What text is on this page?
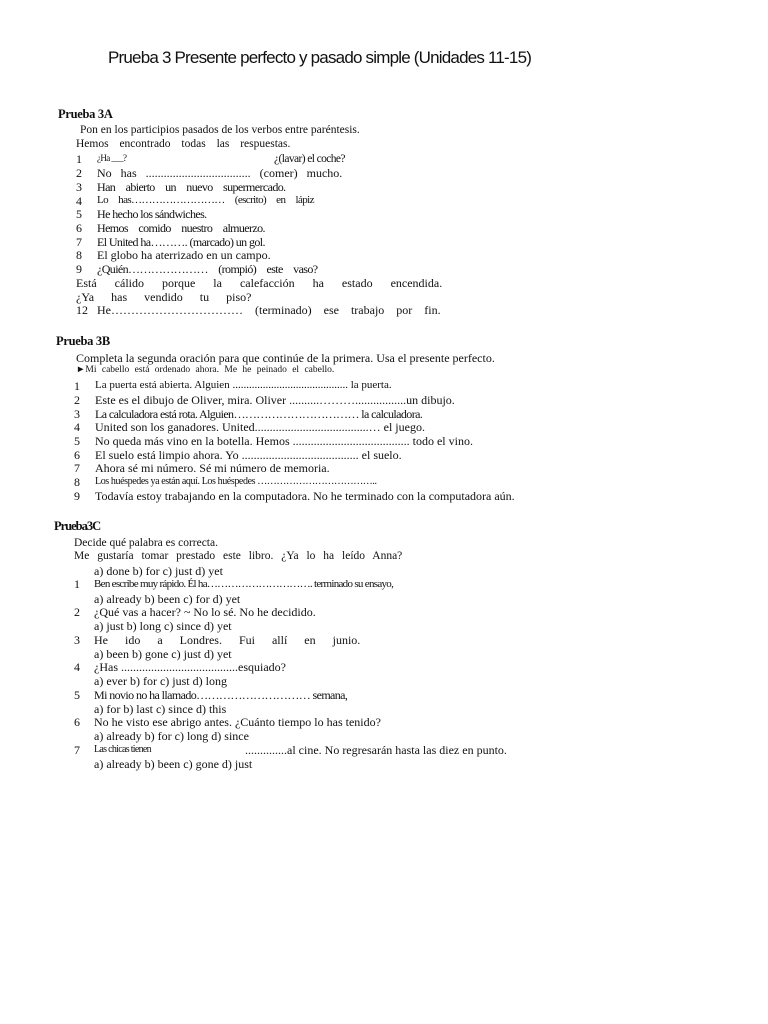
Prueba 3 Presente perfecto y pasado simple (Unidades 11-15)
Prueba 3A
Pon en los participios pasados de los verbos entre paréntesis.
Hemos encontrado todas las respuestas.
1	¿Ha ___?	¿(lavar) el coche?
2	No has ................................... (comer) mucho.
3	Han abierto un nuevo supermercado.
4	Lo has……………………… (escrito) en lápiz
5	He hecho los sándwiches.
6	Hemos comido nuestro almuerzo.
7	El United ha………. (marcado) un gol.
8	El globo ha aterrizado en un campo.
9	¿Quién………………… (rompió) este vaso?
Está cálido porque la calefacción ha estado encendida.
¿Ya has vendido tu piso?
12 He…………………………… (terminado) ese trabajo por fin.
Prueba 3B
Completa la segunda oración para que continúe de la primera. Usa el presente perfecto.
►Mi cabello está ordenado ahora. Me he peinado el cabello.
1	La puerta está abierta. Alguien .......................................... la puerta.
2	Este es el dibujo de Oliver, mira. Oliver ..........……….................un dibujo.
3	La calculadora está rota. Alguien…………………………… la calculadora.
4	United son los ganadores. United......................................… el juego.
5	No queda más vino en la botella. Hemos ....................................... todo el vino.
6	El suelo está limpio ahora. Yo ....................................... el suelo.
7	Ahora sé mi número. Sé mi número de memoria.
8	Los huéspedes ya están aquí. Los huéspedes ………………………………..
9	Todavía estoy trabajando en la computadora. No he terminado con la computadora aún.
Prueba3C
Decide qué palabra es correcta.
Me gustaría tomar prestado este libro. ¿Ya lo ha leído Anna?
a) done b) for c) just d) yet
1	Ben escribe muy rápido. Él ha…………………………. terminado su ensayo,
a) already b) been c) for d) yet
2	¿Qué vas a hacer? ~ No lo sé. No he decidido.
a) just b) long c) since d) yet
3	He ido a Londres. Fui allí en junio.
a) been b) gone c) just d) yet
4	¿Has .......................................esquiado?
a) ever b) for c) just d) long
5	Mi novio no ha llamado………………………… semana,
a) for b) last c) since d) this
6	No he visto ese abrigo antes. ¿Cuánto tiempo lo has tenido?
a) already b) for c) long d) since
7	Las chicas tienen	..............al cine. No regresarán hasta las diez en punto.
a) already b) been c) gone d) just
